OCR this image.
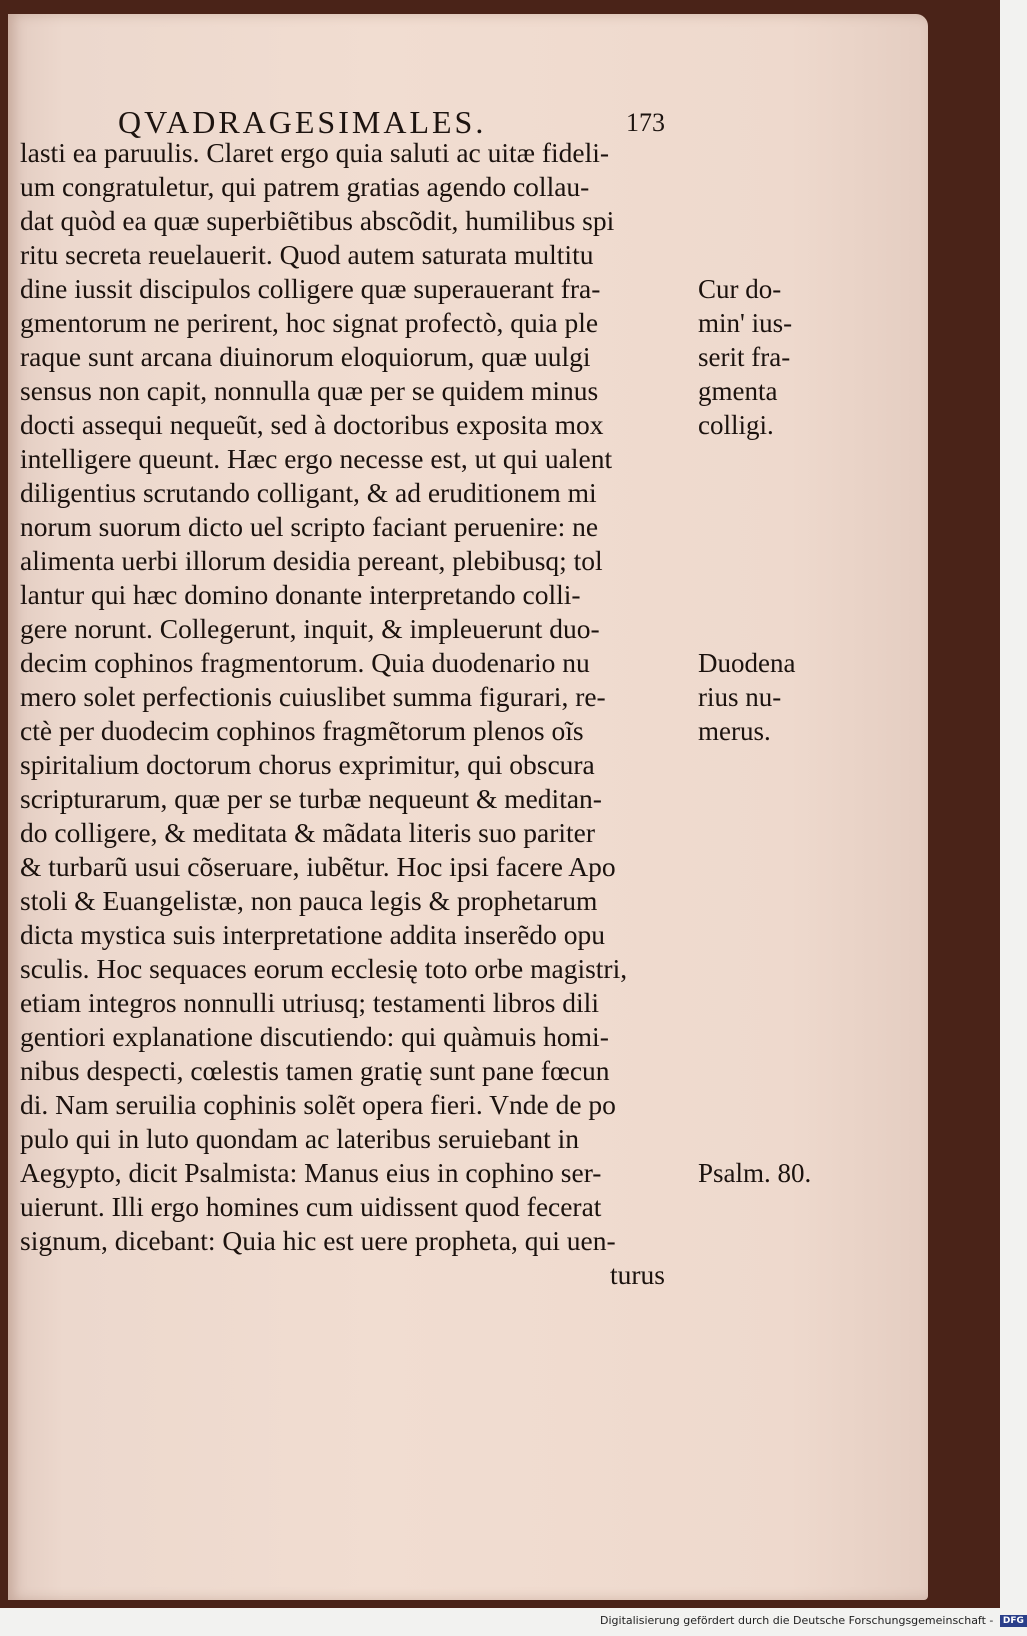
QVADRAGESIMALES.	173
lasti ea paruulis. Claret ergo quia saluti ac uitæ fideli-
um congratuletur, qui patrem gratias agendo collau-
dat quòd ea quæ superbiẽtibus abscõdit, humilibus spi
ritu secreta reuelauerit. Quod autem saturata multitu
dine iussit discipulos colligere quæ superauerant fra-
gmentorum ne perirent, hoc signat profectò, quia ple
raque sunt arcana diuinorum eloquiorum, quæ uulgi
sensus non capit, nonnulla quæ per se quidem minus
docti assequi nequeũt, sed à doctoribus exposita mox
intelligere queunt. Hæc ergo necesse est, ut qui ualent
diligentius scrutando colligant, & ad eruditionem mi
norum suorum dicto uel scripto faciant peruenire: ne
alimenta uerbi illorum desidia pereant, plebibusq; tol
lantur qui hæc domino donante interpretando colli-
gere norunt. Collegerunt, inquit, & impleuerunt duo-
decim cophinos fragmentorum. Quia duodenario nu
mero solet perfectionis cuiuslibet summa figurari, re-
ctè per duodecim cophinos fragmẽtorum plenos oĩs
spiritalium doctorum chorus exprimitur, qui obscura
scripturarum, quæ per se turbæ nequeunt & meditan-
do colligere, & meditata & mãdata literis suo pariter
& turbarũ usui cõseruare, iubẽtur. Hoc ipsi facere Apo
stoli & Euangelistæ, non pauca legis & prophetarum
dicta mystica suis interpretatione addita inserẽdo opu
sculis. Hoc sequaces eorum ecclesię toto orbe magistri,
etiam integros nonnulli utriusq; testamenti libros dili
gentiori explanatione discutiendo: qui quàmuis homi-
nibus despecti, cœlestis tamen gratię sunt pane fœcun
di. Nam seruilia cophinis solẽt opera fieri. Vnde de po
pulo qui in luto quondam ac lateribus seruiebant in
Aegypto, dicit Psalmista: Manus eius in cophino ser-
uierunt. Illi ergo homines cum uidissent quod fecerat
signum, dicebant: Quia hic est uere propheta, qui uen-
turus
Cur do-
min' ius-
serit fra-
gmenta
colligi.
Duodena
rius nu-
merus.
Psalm. 80.
Digitalisierung gefördert durch die Deutsche Forschungsgemeinschaft - DFG
